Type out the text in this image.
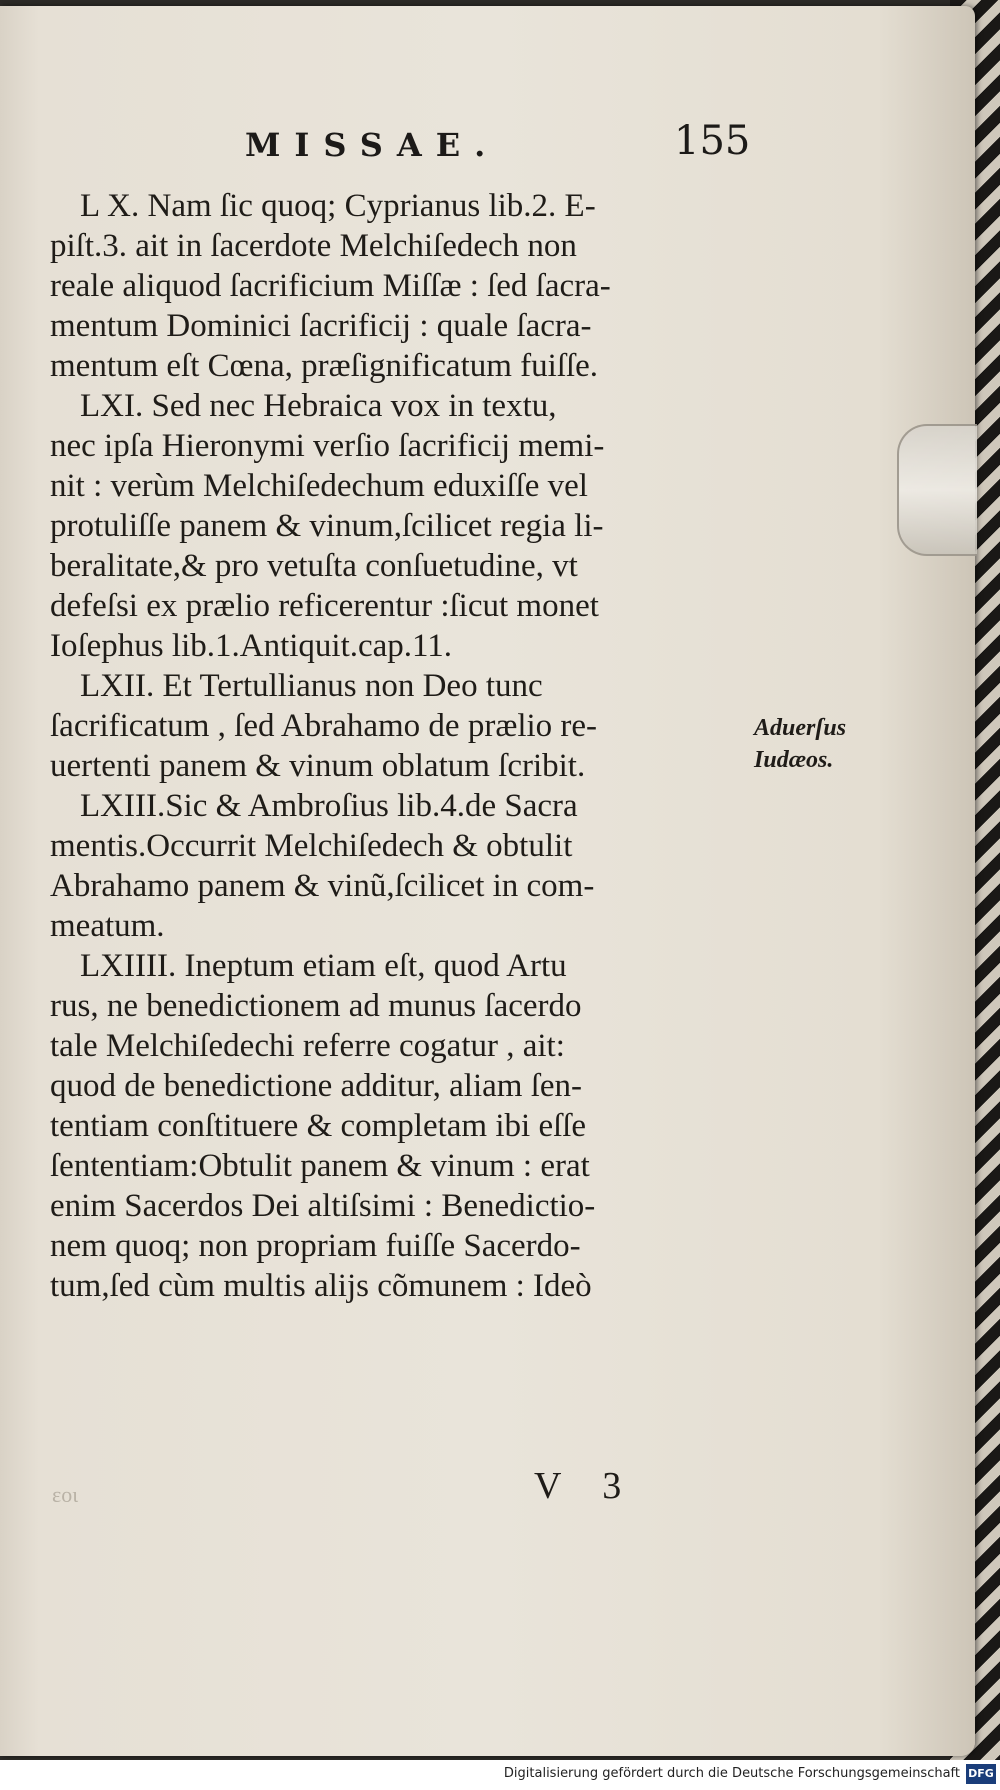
MISSAE.	155
L X. Nam ſic quoq; Cyprianus lib.2. E-
piſt.3. ait in ſacerdote Melchiſedech non
reale aliquod ſacrificium Miſſæ : ſed ſacra-
mentum Dominici ſacrificij : quale ſacra-
mentum eſt Cœna, præſignificatum fuiſſe.
LXI. Sed nec Hebraica vox in textu,
nec ipſa Hieronymi verſio ſacrificij memi-
nit : verùm Melchiſedechum eduxiſſe vel
protuliſſe panem & vinum,ſcilicet regia li-
beralitate,& pro vetuſta conſuetudine, vt
defeſsi ex prælio reficerentur :ſicut monet
Ioſephus lib.1.Antiquit.cap.11.
LXII. Et Tertullianus non Deo tunc
ſacrificatum , ſed Abrahamo de prælio re-
uertenti panem & vinum oblatum ſcribit.
LXIII.Sic & Ambroſius lib.4.de Sacra
mentis.Occurrit Melchiſedech & obtulit
Abrahamo panem & vinũ,ſcilicet in com-
meatum.
LXIIII. Ineptum etiam eſt, quod Artu
rus, ne benedictionem ad munus ſacerdo
tale Melchiſedechi referre cogatur , ait:
quod de benedictione additur, aliam ſen-
tentiam conſtituere & completam ibi eſſe
ſententiam:Obtulit panem & vinum : erat
enim Sacerdos Dei altiſsimi : Benedictio-
nem quoq; non propriam fuiſſe Sacerdo-
tum,ſed cùm multis alijs cõmunem : Ideò
Aduerſus
Iudæos.
εοι	V 3
Digitalisierung gefördert durch die Deutsche Forschungsgemeinschaft DFG
